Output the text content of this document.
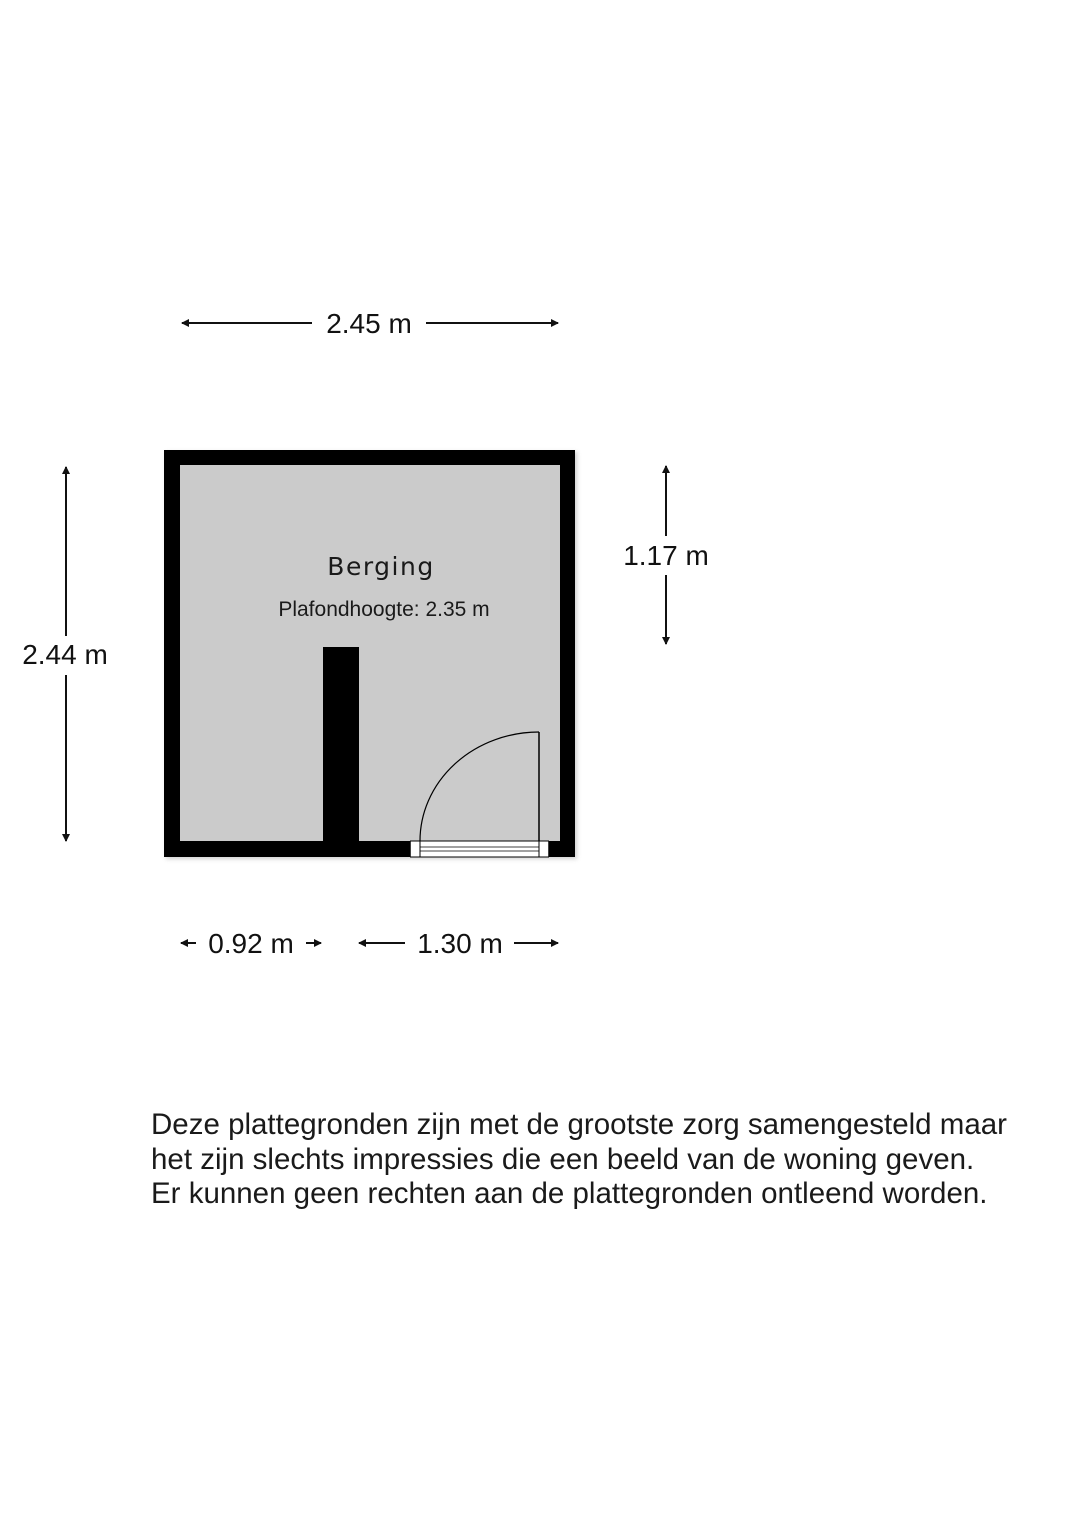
2.45 m
2.44 m
1.17 m
Berging
Plafondhoogte: 2.35 m
0.92 m	1.30 m

Deze plattegronden zijn met de grootste zorg samengesteld maar
het zijn slechts impressies die een beeld van de woning geven.
Er kunnen geen rechten aan de plattegronden ontleend worden.
